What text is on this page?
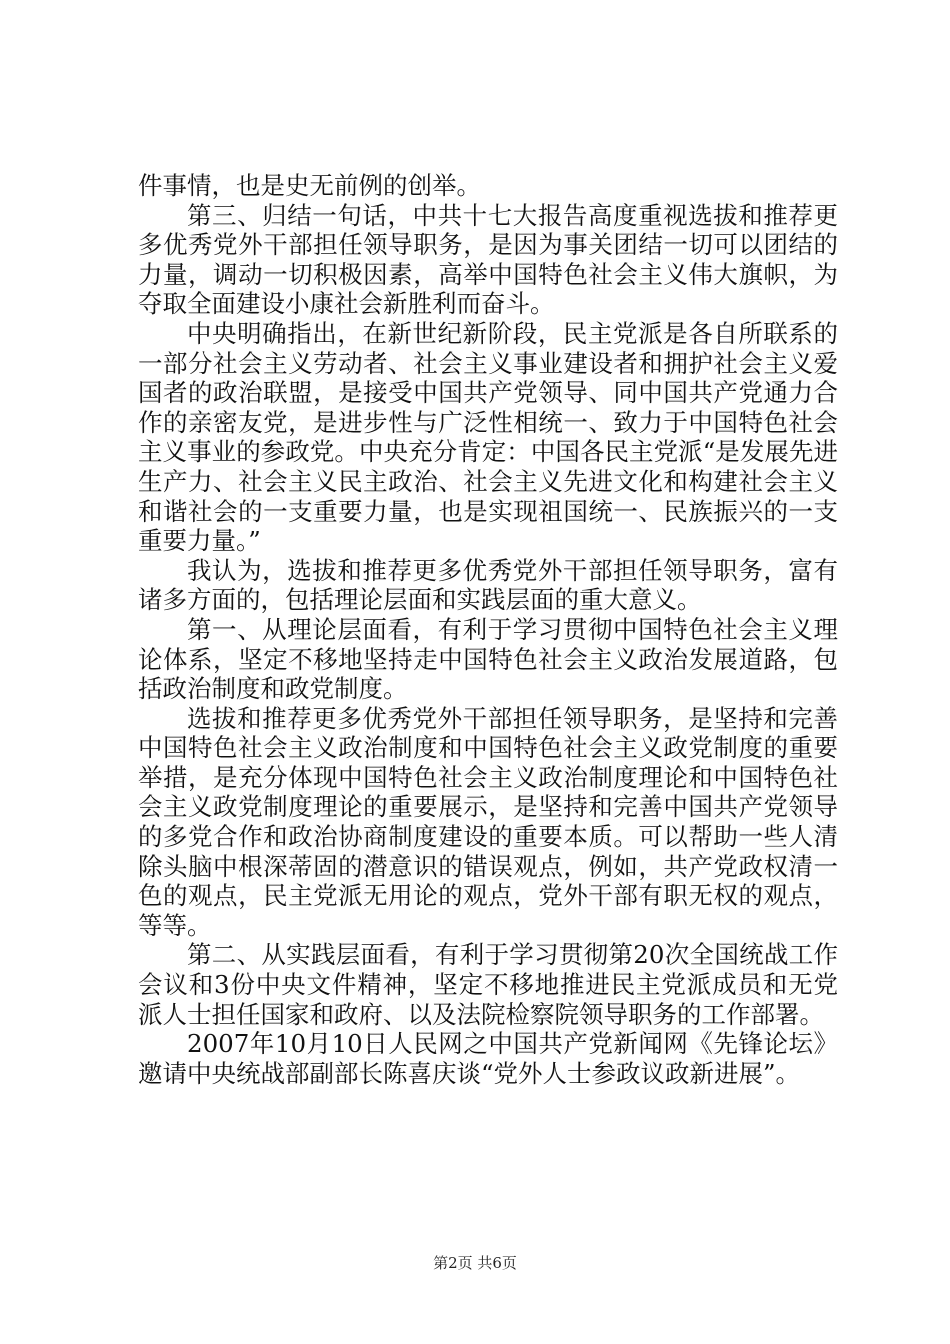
件事情，也是史无前例的创举。

第三、归结一句话，中共十七大报告高度重视选拔和推荐更多优秀党外干部担任领导职务，是因为事关团结一切可以团结的力量，调动一切积极因素，高举中国特色社会主义伟大旗帜，为夺取全面建设小康社会新胜利而奋斗。

中央明确指出，在新世纪新阶段，民主党派是各自所联系的一部分社会主义劳动者、社会主义事业建设者和拥护社会主义爱国者的政治联盟，是接受中国共产党领导、同中国共产党通力合作的亲密友党，是进步性与广泛性相统一、致力于中国特色社会主义事业的参政党。中央充分肯定：中国各民主党派“是发展先进生产力、社会主义民主政治、社会主义先进文化和构建社会主义和谐社会的一支重要力量，也是实现祖国统一、民族振兴的一支重要力量。”

我认为，选拔和推荐更多优秀党外干部担任领导职务，富有诸多方面的，包括理论层面和实践层面的重大意义。

第一、从理论层面看，有利于学习贯彻中国特色社会主义理论体系，坚定不移地坚持走中国特色社会主义政治发展道路，包括政治制度和政党制度。

选拔和推荐更多优秀党外干部担任领导职务，是坚持和完善中国特色社会主义政治制度和中国特色社会主义政党制度的重要举措，是充分体现中国特色社会主义政治制度理论和中国特色社会主义政党制度理论的重要展示，是坚持和完善中国共产党领导的多党合作和政治协商制度建设的重要本质。可以帮助一些人清除头脑中根深蒂固的潜意识的错误观点，例如，共产党政权清一色的观点，民主党派无用论的观点，党外干部有职无权的观点，等等。

第二、从实践层面看，有利于学习贯彻第20次全国统战工作会议和3份中央文件精神，坚定不移地推进民主党派成员和无党派人士担任国家和政府、以及法院检察院领导职务的工作部署。

2007年10月10日人民网之中国共产党新闻网《先锋论坛》邀请中央统战部副部长陈喜庆谈“党外人士参政议政新进展”。

第2页 共6页
